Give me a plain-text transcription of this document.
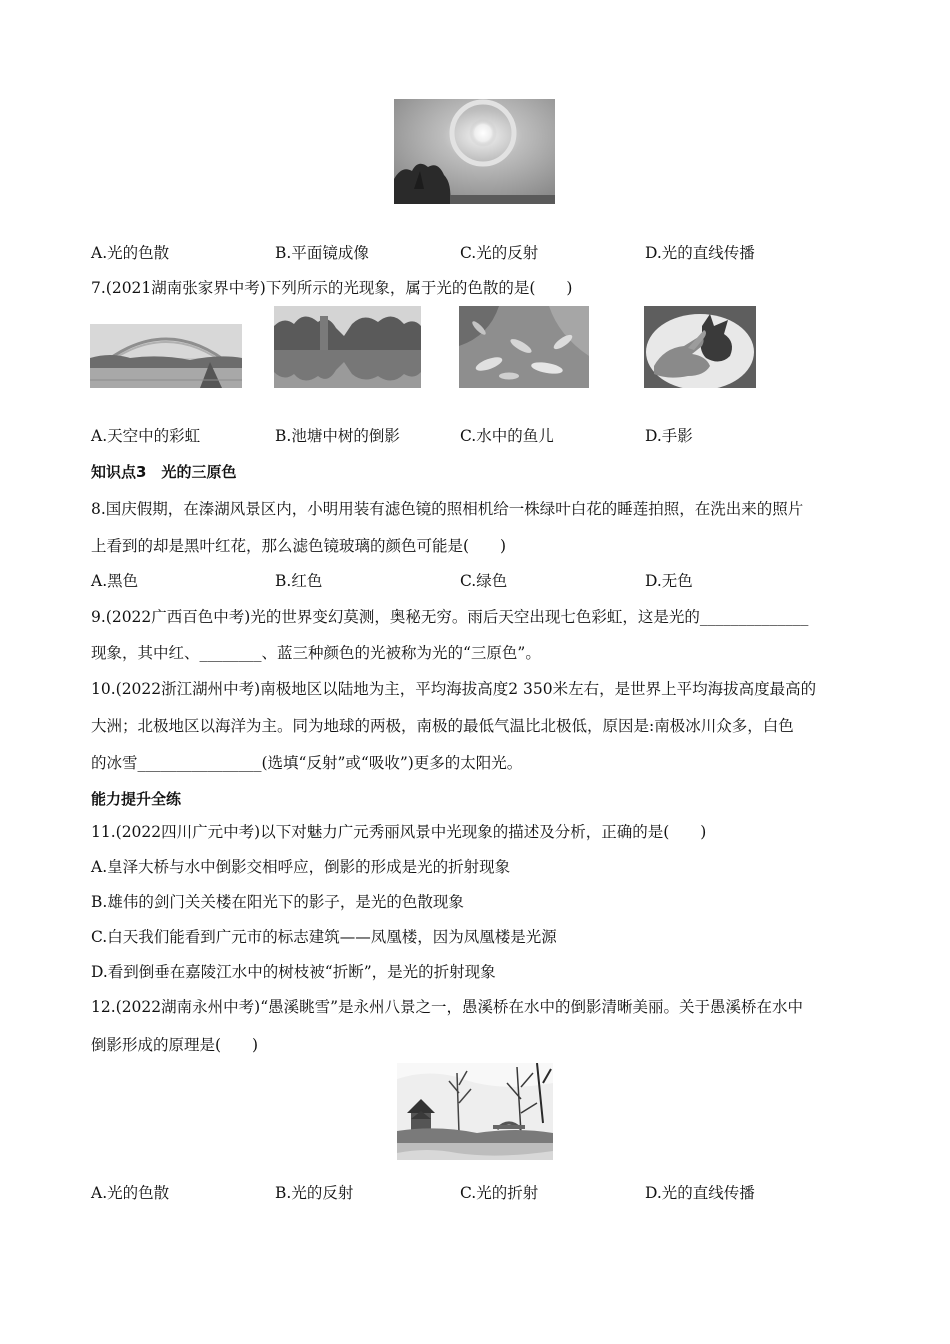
A.光的色散	B.平面镜成像	C.光的反射	D.光的直线传播
7.(2021湖南张家界中考)下列所示的光现象，属于光的色散的是(　　)
A.天空中的彩虹	B.池塘中树的倒影	C.水中的鱼儿	D.手影
知识点3　光的三原色
8.国庆假期，在溱湖风景区内，小明用装有滤色镜的照相机给一株绿叶白花的睡莲拍照，在洗出来的照片
上看到的却是黑叶红花，那么滤色镜玻璃的颜色可能是(　　)
A.黑色	B.红色	C.绿色	D.无色
9.(2022广西百色中考)光的世界变幻莫测，奥秘无穷。雨后天空出现七色彩虹，这是光的______________
现象，其中红、________、蓝三种颜色的光被称为光的“三原色”。
10.(2022浙江湖州中考)南极地区以陆地为主，平均海拔高度2 350米左右，是世界上平均海拔高度最高的
大洲；北极地区以海洋为主。同为地球的两极，南极的最低气温比北极低，原因是:南极冰川众多，白色
的冰雪________________(选填“反射”或“吸收”)更多的太阳光。
能力提升全练
11.(2022四川广元中考)以下对魅力广元秀丽风景中光现象的描述及分析，正确的是(　　)
A.皇泽大桥与水中倒影交相呼应，倒影的形成是光的折射现象
B.雄伟的剑门关关楼在阳光下的影子，是光的色散现象
C.白天我们能看到广元市的标志建筑——凤凰楼，因为凤凰楼是光源
D.看到倒垂在嘉陵江水中的树枝被“折断”，是光的折射现象
12.(2022湖南永州中考)“愚溪眺雪”是永州八景之一，愚溪桥在水中的倒影清晰美丽。关于愚溪桥在水中
倒影形成的原理是(　　)
A.光的色散	B.光的反射	C.光的折射	D.光的直线传播
